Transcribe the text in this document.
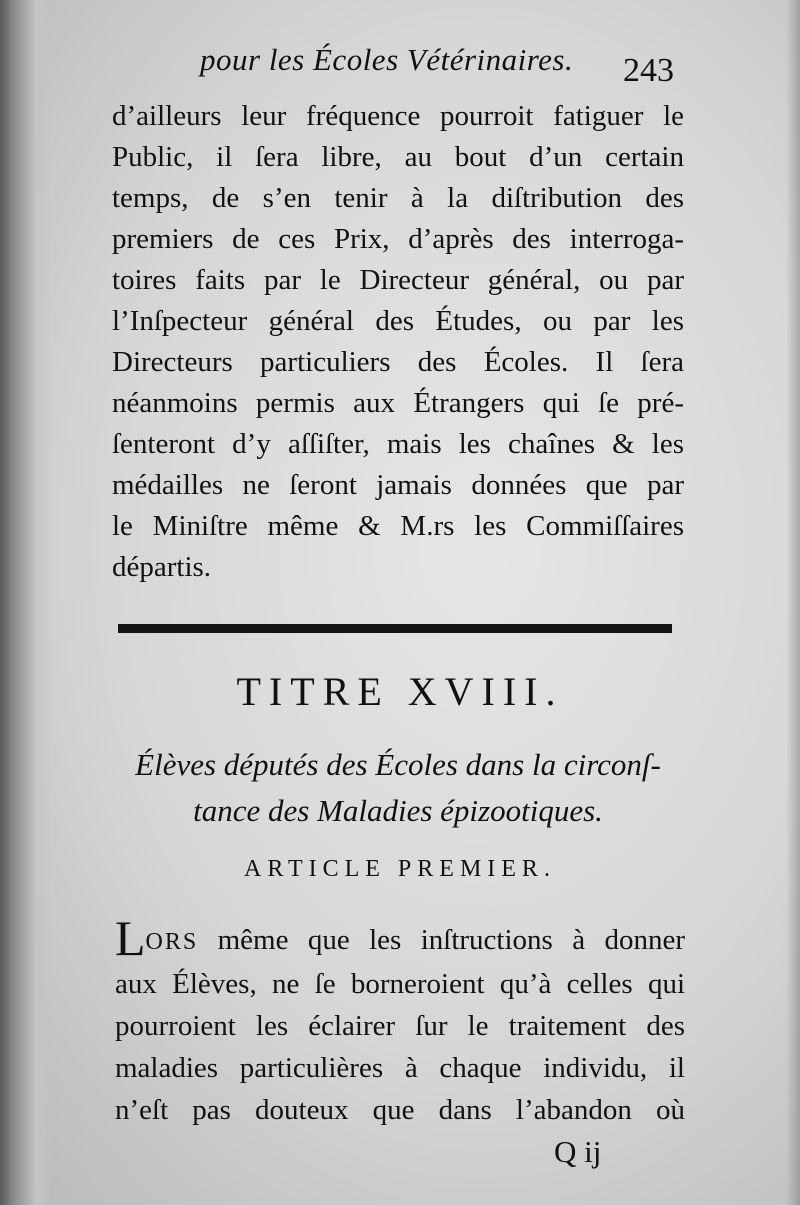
pour les Écoles Vétérinaires.	243
d’ailleurs leur fréquence pourroit fatiguer le
Public, il ſera libre, au bout d’un certain
temps, de s’en tenir à la diſtribution des
premiers de ces Prix, d’après des interroga-
toires faits par le Directeur général, ou par
l’Inſpecteur général des Études, ou par les
Directeurs particuliers des Écoles. Il ſera
néanmoins permis aux Étrangers qui ſe pré-
ſenteront d’y aſſiſter, mais les chaînes & les
médailles ne ſeront jamais données que par
le Miniſtre même & M.rs les Commiſſaires
départis.
TITRE XVIII.
Élèves députés des Écoles dans la circonſ-
tance des Maladies épizootiques.
ARTICLE PREMIER.
LORS même que les inſtructions à donner
aux Élèves, ne ſe borneroient qu’à celles qui
pourroient les éclairer ſur le traitement des
maladies particulières à chaque individu, il
n’eſt pas douteux que dans l’abandon où
Q ij
